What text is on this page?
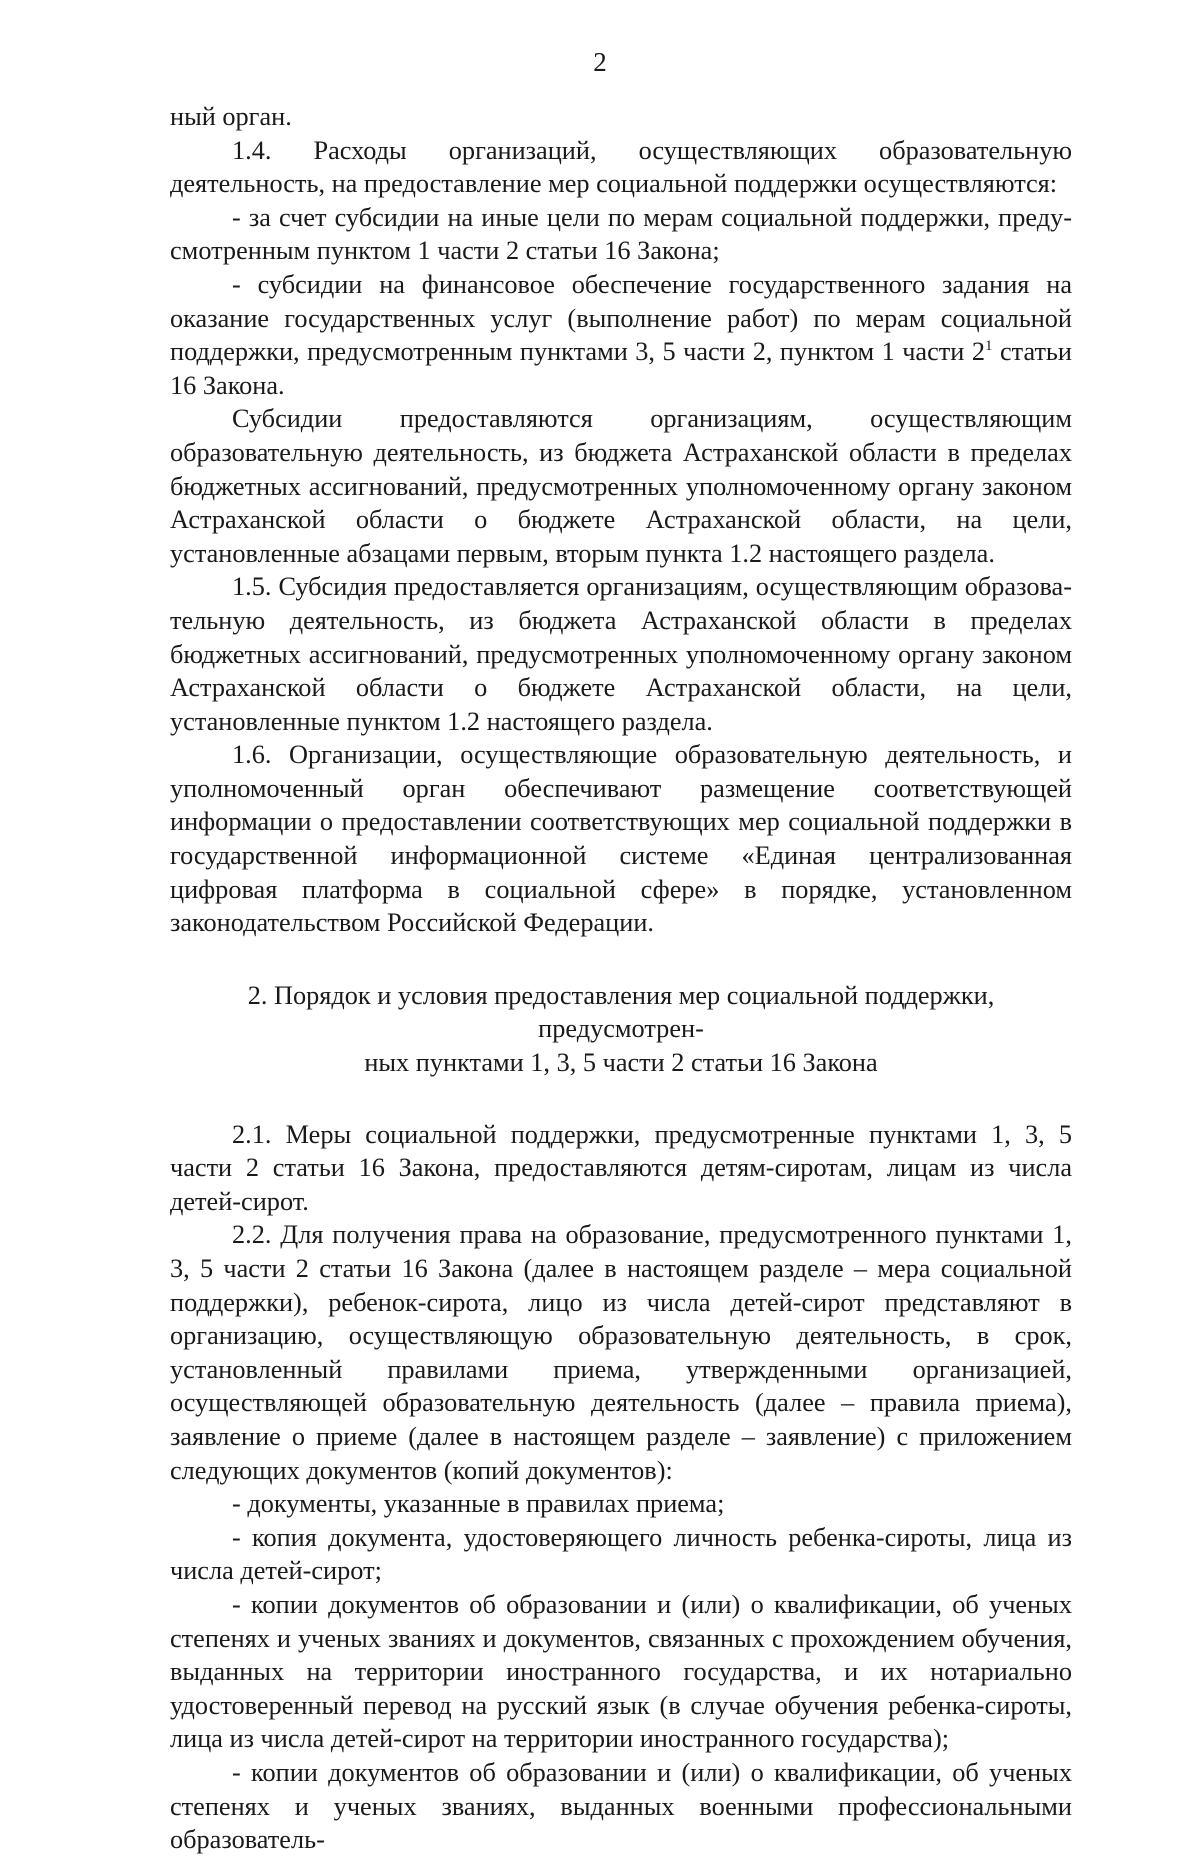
2

ный орган.

1.4. Расходы организаций, осуществляющих образовательную деятельность, на предоставление мер социальной поддержки осуществляются:

- за счет субсидии на иные цели по мерам социальной поддержки, предусмотренным пунктом 1 части 2 статьи 16 Закона;

- субсидии на финансовое обеспечение государственного задания на оказание государственных услуг (выполнение работ) по мерам социальной поддержки, предусмотренным пунктами 3, 5 части 2, пунктом 1 части $2^1$ статьи 16 Закона.

Субсидии предоставляются организациям, осуществляющим образовательную деятельность, из бюджета Астраханской области в пределах бюджетных ассигнований, предусмотренных уполномоченному органу законом Астраханской области о бюджете Астраханской области, на цели, установленные абзацами первым, вторым пункта 1.2 настоящего раздела.

1.5. Субсидия предоставляется организациям, осуществляющим образовательную деятельность, из бюджета Астраханской области в пределах бюджетных ассигнований, предусмотренных уполномоченному органу законом Астраханской области о бюджете Астраханской области, на цели, установленные пунктом 1.2 настоящего раздела.

1.6. Организации, осуществляющие образовательную деятельность, и уполномоченный орган обеспечивают размещение соответствующей информации о предоставлении соответствующих мер социальной поддержки в государственной информационной системе «Единая централизованная цифровая платформа в социальной сфере» в порядке, установленном законодательством Российской Федерации.

2. Порядок и условия предоставления мер социальной поддержки, предусмотрен-
ных пунктами 1, 3, 5 части 2 статьи 16 Закона

2.1. Меры социальной поддержки, предусмотренные пунктами 1, 3, 5 части 2 статьи 16 Закона, предоставляются детям-сиротам, лицам из числа детей-сирот.

2.2. Для получения права на образование, предусмотренного пунктами 1, 3, 5 части 2 статьи 16 Закона (далее в настоящем разделе – мера социальной поддержки), ребенок-сирота, лицо из числа детей-сирот представляют в организацию, осуществляющую образовательную деятельность, в срок, установленный правилами приема, утвержденными организацией, осуществляющей образовательную деятельность (далее – правила приема), заявление о приеме (далее в настоящем разделе – заявление) с приложением следующих документов (копий документов):

- документы, указанные в правилах приема;

- копия документа, удостоверяющего личность ребенка-сироты, лица из числа детей-сирот;

- копии документов об образовании и (или) о квалификации, об ученых степенях и ученых званиях и документов, связанных с прохождением обучения, выданных на территории иностранного государства, и их нотариально удостоверенный перевод на русский язык (в случае обучения ребенка-сироты, лица из числа детей-сирот на территории иностранного государства);

- копии документов об образовании и (или) о квалификации, об ученых степенях и ученых званиях, выданных военными профессиональными образователь-
